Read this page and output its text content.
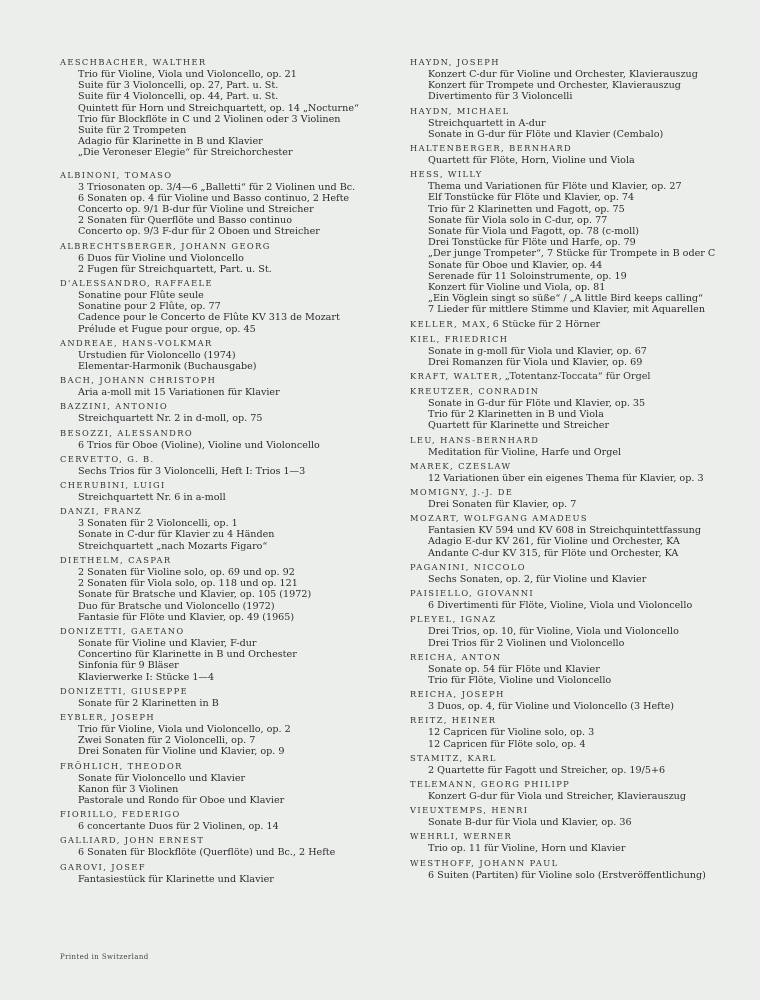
AESCHBACHER, WALTHER
Trio für Violine, Viola und Violoncello, op. 21
Suite für 3 Violoncelli, op. 27, Part. u. St.
Suite für 4 Violoncelli, op. 44, Part. u. St.
Quintett für Horn und Streichquartett, op. 14 „Nocturne“
Trio für Blockflöte in C und 2 Violinen oder 3 Violinen
Suite für 2 Trompeten
Adagio für Klarinette in B und Klavier
„Die Veroneser Elegie“ für Streichorchester
ALBINONI, TOMASO
3 Triosonaten op. 3/4—6 „Balletti“ für 2 Violinen und Bc.
6 Sonaten op. 4 für Violine und Basso continuo, 2 Hefte
Concerto op. 9/1 B-dur für Violine und Streicher
2 Sonaten für Querflöte und Basso continuo
Concerto op. 9/3 F-dur für 2 Oboen und Streicher
ALBRECHTSBERGER, JOHANN GEORG
6 Duos für Violine und Violoncello
2 Fugen für Streichquartett, Part. u. St.
D'ALESSANDRO, RAFFAELE
Sonatine pour Flûte seule
Sonatine pour 2 Flûte, op. 77
Cadence pour le Concerto de Flûte KV 313 de Mozart
Prélude et Fugue pour orgue, op. 45
ANDREAE, HANS-VOLKMAR
Urstudien für Violoncello (1974)
Elementar-Harmonik (Buchausgabe)
BACH, JOHANN CHRISTOPH
Aria a-moll mit 15 Variationen für Klavier
BAZZINI, ANTONIO
Streichquartett Nr. 2 in d-moll, op. 75
BESOZZI, ALESSANDRO
6 Trios für Oboe (Violine), Violine und Violoncello
CERVETTO, G. B.
Sechs Trios für 3 Violoncelli, Heft I: Trios 1—3
CHERUBINI, LUIGI
Streichquartett Nr. 6 in a-moll
DANZI, FRANZ
3 Sonaten für 2 Violoncelli, op. 1
Sonate in C-dur für Klavier zu 4 Händen
Streichquartett „nach Mozarts Figaro“
DIETHELM, CASPAR
2 Sonaten für Violine solo, op. 69 und op. 92
2 Sonaten für Viola solo, op. 118 und op. 121
Sonate für Bratsche und Klavier, op. 105 (1972)
Duo für Bratsche und Violoncello (1972)
Fantasie für Flöte und Klavier, op. 49 (1965)
DONIZETTI, GAETANO
Sonate für Violine und Klavier, F-dur
Concertino für Klarinette in B und Orchester
Sinfonia für 9 Bläser
Klavierwerke I: Stücke 1—4
DONIZETTI, GIUSEPPE
Sonate für 2 Klarinetten in B
EYBLER, JOSEPH
Trio für Violine, Viola und Violoncello, op. 2
Zwei Sonaten für 2 Violoncelli, op. 7
Drei Sonaten für Violine und Klavier, op. 9
FRÖHLICH, THEODOR
Sonate für Violoncello und Klavier
Kanon für 3 Violinen
Pastorale und Rondo für Oboe und Klavier
FIORILLO, FEDERIGO
6 concertante Duos für 2 Violinen, op. 14
GALLIARD, JOHN ERNEST
6 Sonaten für Blockflöte (Querflöte) und Bc., 2 Hefte
GAROVI, JOSEF
Fantasiestück für Klarinette und Klavier
HAYDN, JOSEPH
Konzert C-dur für Violine und Orchester, Klavierauszug
Konzert für Trompete und Orchester, Klavierauszug
Divertimento für 3 Violoncelli
HAYDN, MICHAEL
Streichquartett in A-dur
Sonate in G-dur für Flöte und Klavier (Cembalo)
HALTENBERGER, BERNHARD
Quartett für Flöte, Horn, Violine und Viola
HESS, WILLY
Thema und Variationen für Flöte und Klavier, op. 27
Elf Tonstücke für Flöte und Klavier, op. 74
Trio für 2 Klarinetten und Fagott, op. 75
Sonate für Viola solo in C-dur, op. 77
Sonate für Viola und Fagott, op. 78 (c-moll)
Drei Tonstücke für Flöte und Harfe, op. 79
„Der junge Trompeter“, 7 Stücke für Trompete in B oder C
Sonate für Oboe und Klavier, op. 44
Serenade für 11 Soloinstrumente, op. 19
Konzert für Violine und Viola, op. 81
„Ein Vöglein singt so süße“ / „A little Bird keeps calling“
7 Lieder für mittlere Stimme und Klavier, mit Aquarellen
KELLER, MAX, 6 Stücke für 2 Hörner
KIEL, FRIEDRICH
Sonate in g-moll für Viola und Klavier, op. 67
Drei Romanzen für Viola und Klavier, op. 69
KRAFT, WALTER, „Totentanz-Toccata“ für Orgel
KREUTZER, CONRADIN
Sonate in G-dur für Flöte und Klavier, op. 35
Trio für 2 Klarinetten in B und Viola
Quartett für Klarinette und Streicher
LEU, HANS-BERNHARD
Meditation für Violine, Harfe und Orgel
MAREK, CZESLAW
12 Variationen über ein eigenes Thema für Klavier, op. 3
MOMIGNY, J.-J. DE
Drei Sonaten für Klavier, op. 7
MOZART, WOLFGANG AMADEUS
Fantasien KV 594 und KV 608 in Streichquintettfassung
Adagio E-dur KV 261, für Violine und Orchester, KA
Andante C-dur KV 315, für Flöte und Orchester, KA
PAGANINI, NICCOLO
Sechs Sonaten, op. 2, für Violine und Klavier
PAISIELLO, GIOVANNI
6 Divertimenti für Flöte, Violine, Viola und Violoncello
PLEYEL, IGNAZ
Drei Trios, op. 10, für Violine, Viola und Violoncello
Drei Trios für 2 Violinen und Violoncello
REICHA, ANTON
Sonate op. 54 für Flöte und Klavier
Trio für Flöte, Violine und Violoncello
REICHA, JOSEPH
3 Duos, op. 4, für Violine und Violoncello (3 Hefte)
REITZ, HEINER
12 Capricen für Violine solo, op. 3
12 Capricen für Flöte solo, op. 4
STAMITZ, KARL
2 Quartette für Fagott und Streicher, op. 19/5+6
TELEMANN, GEORG PHILIPP
Konzert G-dur für Viola und Streicher, Klavierauszug
VIEUXTEMPS, HENRI
Sonate B-dur für Viola und Klavier, op. 36
WEHRLI, WERNER
Trio op. 11 für Violine, Horn und Klavier
WESTHOFF, JOHANN PAUL
6 Suiten (Partiten) für Violine solo (Erstveröffentlichung)
Printed in Switzerland
